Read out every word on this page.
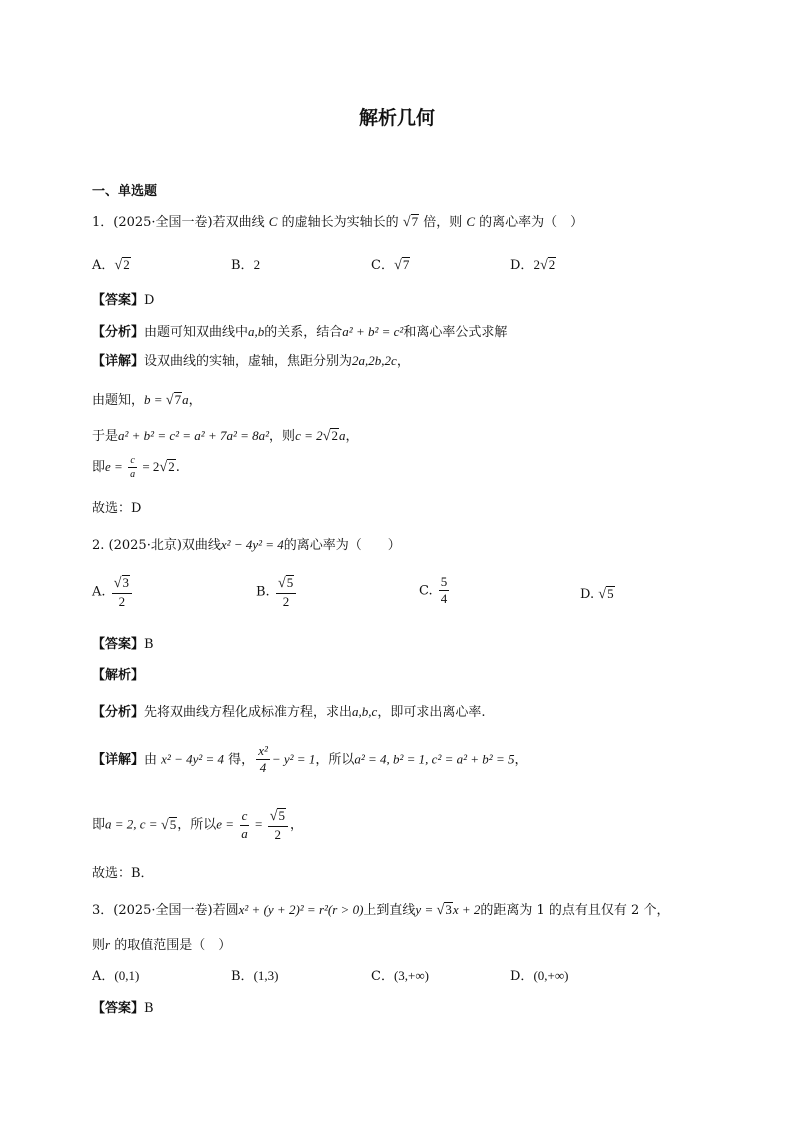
解析几何
一、单选题
1．(2025·全国一卷)若双曲线 C 的虚轴长为实轴长的 √7 倍，则 C 的离心率为（　）
A．√2	B．2	C．√7	D．2√2
【答案】D
【分析】由题可知双曲线中a,b的关系，结合a² + b² = c²和离心率公式求解
【详解】设双曲线的实轴，虚轴，焦距分别为2a,2b,2c，
由题知，b = √7a，
于是a² + b² = c² = a² + 7a² = 8a²，则c = 2√2a，
即$e = \frac{c}{a} = 2√2$.
故选：D
2. (2025·北京)双曲线x² − 4y² = 4的离心率为（　　）
A. $\frac{√3}{2}$	B. $\frac{√5}{2}$	C. $\frac{5}{4}$	D. √5
【答案】B
【解析】
【分析】先将双曲线方程化成标准方程，求出a,b,c，即可求出离心率.
【详解】由 x² − 4y² = 4 得， $\frac{\text{x²}}{4} - y^2 = 1$，所以a² = 4, b² = 1, c² = a² + b² = 5，
即a = 2, c = √5，所以$e = \frac{c}{a} = \frac{√5}{2}$ ，
故选：B．
3．(2025·全国一卷)若圆x² + (y + 2)² = r²(r > 0)上到直线y = √3x + 2的距离为 1 的点有且仅有 2 个，
则r 的取值范围是（　）
A．(0,1)	B．(1,3)	C．(3,+∞)	D．(0,+∞)
【答案】B
